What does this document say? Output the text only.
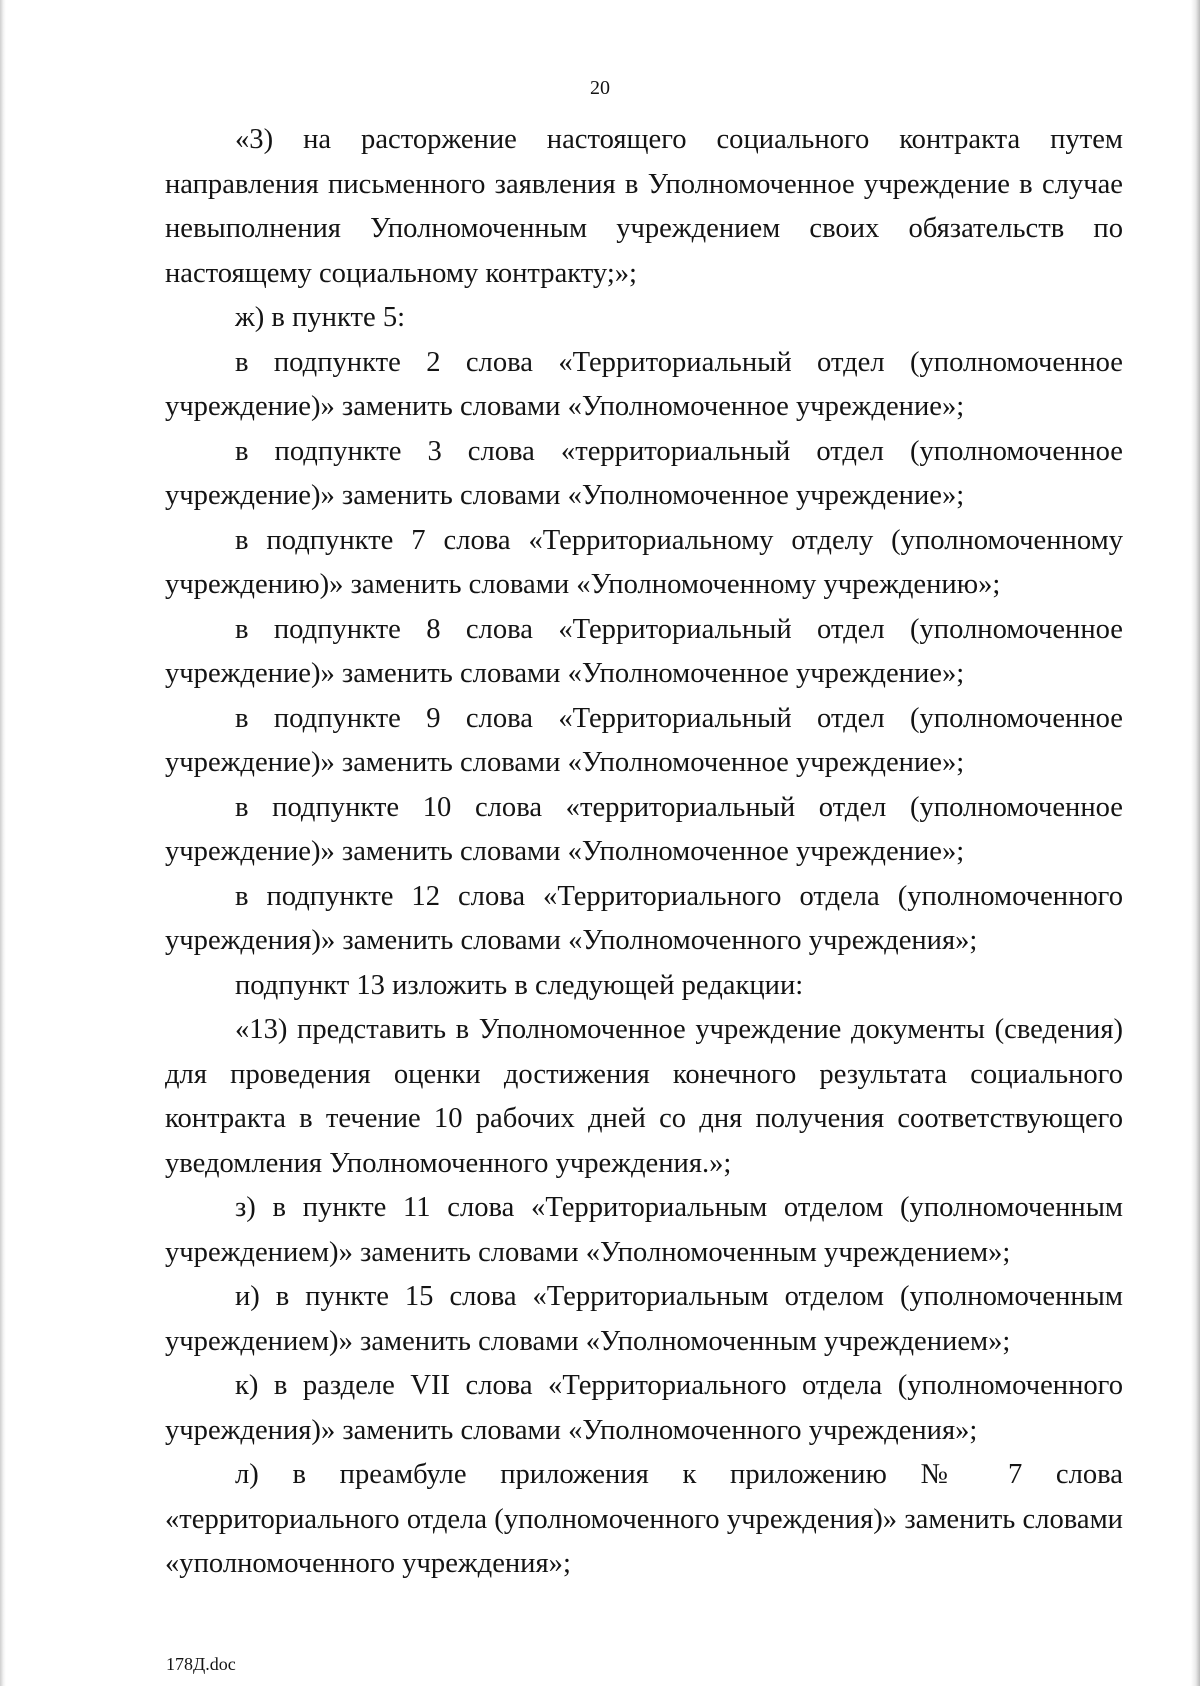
20

«3) на расторжение настоящего социального контракта путем направления письменного заявления в Уполномоченное учреждение в случае невыполнения Уполномоченным учреждением своих обязательств по настоящему социальному контракту;»;

ж) в пункте 5:

в подпункте 2 слова «Территориальный отдел (уполномоченное учреждение)» заменить словами «Уполномоченное учреждение»;

в подпункте 3 слова «территориальный отдел (уполномоченное учреждение)» заменить словами «Уполномоченное учреждение»;

в подпункте 7 слова «Территориальному отделу (уполномоченному учреждению)» заменить словами «Уполномоченному учреждению»;

в подпункте 8 слова «Территориальный отдел (уполномоченное учреждение)» заменить словами «Уполномоченное учреждение»;

в подпункте 9 слова «Территориальный отдел (уполномоченное учреждение)» заменить словами «Уполномоченное учреждение»;

в подпункте 10 слова «территориальный отдел (уполномоченное учреждение)» заменить словами «Уполномоченное учреждение»;

в подпункте 12 слова «Территориального отдела (уполномоченного учреждения)» заменить словами «Уполномоченного учреждения»;

подпункт 13 изложить в следующей редакции:

«13) представить в Уполномоченное учреждение документы (сведения) для проведения оценки достижения конечного результата социального контракта в течение 10 рабочих дней со дня получения соответствующего уведомления Уполномоченного учреждения.»;

з) в пункте 11 слова «Территориальным отделом (уполномоченным учреждением)» заменить словами «Уполномоченным учреждением»;

и) в пункте 15 слова «Территориальным отделом (уполномоченным учреждением)» заменить словами «Уполномоченным учреждением»;

к) в разделе VII слова «Территориального отдела (уполномоченного учреждения)» заменить словами «Уполномоченного учреждения»;

л) в преамбуле приложения к приложению № 7 слова «территориального отдела (уполномоченного учреждения)» заменить словами «уполномоченного учреждения»;

178Д.doc
